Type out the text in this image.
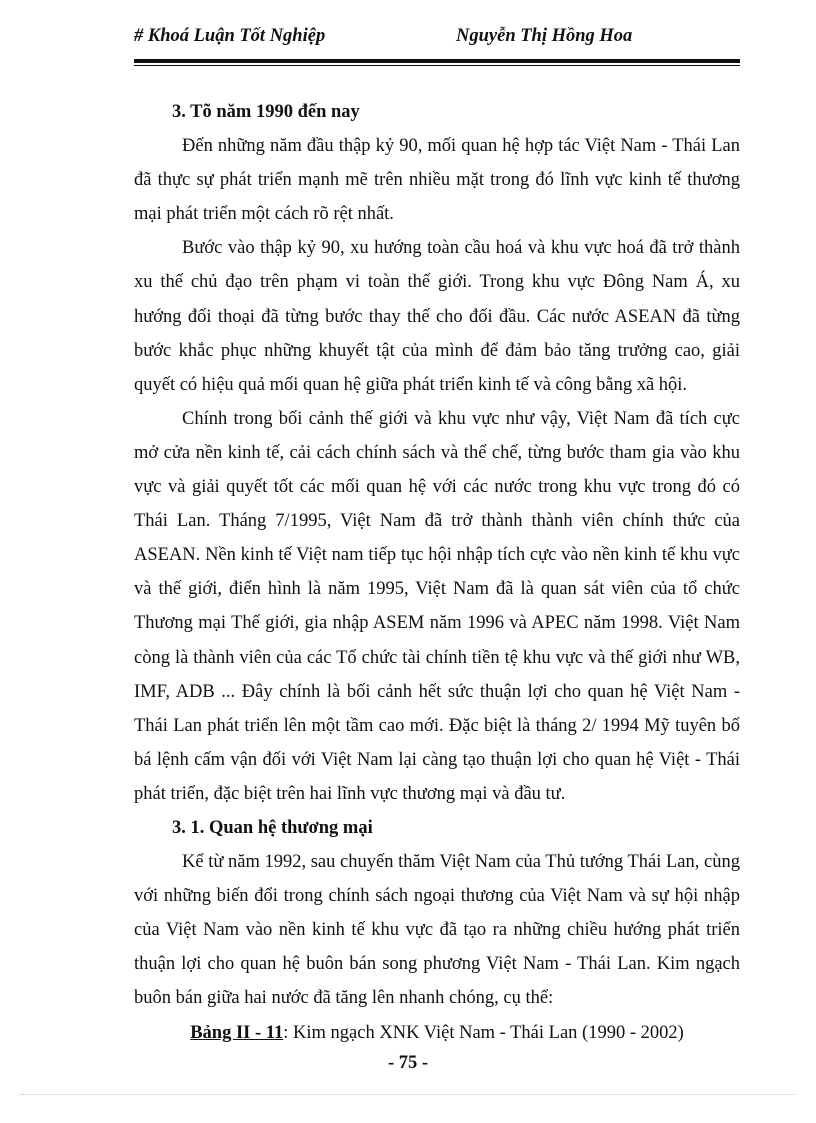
# Khoá Luận Tốt Nghiệp	Nguyễn Thị Hồng Hoa
3. Tõ năm 1990 đến nay

Đến những năm đầu thập kỷ 90, mối quan hệ hợp tác Việt Nam - Thái Lan đã thực sự phát triển mạnh mẽ trên nhiều mặt trong đó lĩnh vực kinh tế thương mại phát triển một cách rõ rệt nhất.

Bước vào thập kỷ 90, xu hướng toàn cầu hoá và khu vực hoá đã trở thành xu thế chủ đạo trên phạm vi toàn thế giới. Trong khu vực Đông Nam Á, xu hướng đối thoại đã từng bước thay thế cho đối đầu. Các nước ASEAN đã từng bước khắc phục những khuyết tật của mình để đảm bảo tăng trưởng cao, giải quyết có hiệu quả mối quan hệ giữa phát triển kinh tế và công bằng xã hội.

Chính trong bối cảnh thế giới và khu vực như vậy, Việt Nam đã tích cực mở cửa nền kinh tế, cải cách chính sách và thể chế, từng bước tham gia vào khu vực và giải quyết tốt các mối quan hệ với các nước trong khu vực trong đó có Thái Lan. Tháng 7/1995, Việt Nam đã trở thành thành viên chính thức của ASEAN. Nền kinh tế Việt nam tiếp tục hội nhập tích cực vào nền kinh tế khu vực và thế giới, điển hình là năm 1995, Việt Nam đã là quan sát viên của tổ chức Thương mại Thế giới, gia nhập ASEM năm 1996 và APEC năm 1998. Việt Nam còng là thành viên của các Tổ chức tài chính tiền tệ khu vực và thế giới như WB, IMF, ADB ... Đây chính là bối cảnh hết sức thuận lợi cho quan hệ Việt Nam - Thái Lan phát triển lên một tầm cao mới. Đặc biệt là tháng 2/ 1994 Mỹ tuyên bố bá lệnh cấm vận đối với Việt Nam lại càng tạo thuận lợi cho quan hệ Việt - Thái phát triển, đặc biệt trên hai lĩnh vực thương mại và đầu tư.

3. 1. Quan hệ thương mại

Kể từ năm 1992, sau chuyến thăm Việt Nam của Thủ tướng Thái Lan, cùng với những biến đổi trong chính sách ngoại thương của Việt Nam và sự hội nhập của Việt Nam vào nền kinh tế khu vực đã tạo ra những chiều hướng phát triển thuận lợi cho quan hệ buôn bán song phương Việt Nam - Thái Lan. Kim ngạch buôn bán giữa hai nước đã tăng lên nhanh chóng, cụ thể:

Bảng II - 11: Kim ngạch XNK Việt Nam - Thái Lan (1990 - 2002)
- 75 -
